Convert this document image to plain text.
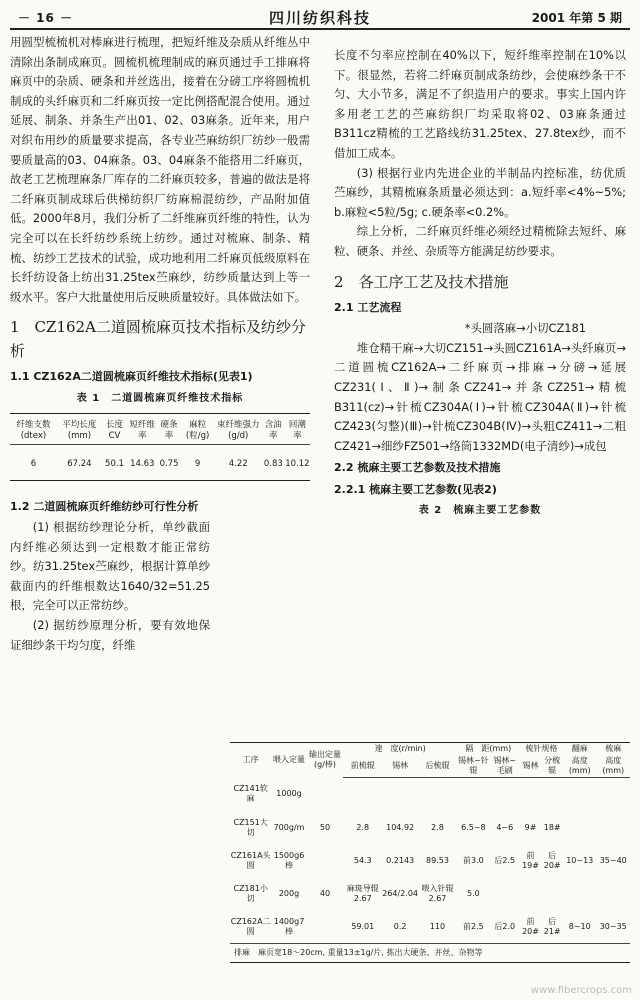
－ 16 －	四川纺织科技	2001 年第 5 期

用圆型梳梳机对棒麻进行梳理，把短纤维及杂质从纤维丛中清除出条制成麻页。圆梳机梳理制成的麻页通过手工排麻将麻页中的杂质、硬条和并丝选出，接着在分磅工序将圆梳机制成的头纤麻页和二纤麻页按一定比例搭配混合使用。通过延展、制条、并条生产出01、02、03麻条。近年来，用户对织布用纱的质量要求提高，各专业苎麻纺织厂纺纱一般需要质量高的03、04麻条。03、04麻条不能搭用二纤麻页，故老工艺梳理麻条厂库存的二纤麻页较多，普遍的做法是将二纤麻页制成球后供梯纺织厂纺麻棉混纺纱，产品附加值低。2000年8月，我们分析了二纤维麻页纤维的特性，认为完全可以在长纤纺纱系统上纺纱。通过对梳麻、制条、精梳、纺纱工艺技术的试验，成功地利用二纤麻页低级原料在长纤纺设备上纺出31.25tex苎麻纱，纺纱质量达到上等一级水平。客户大批量使用后反映质量较好。具体做法如下。

1　CZ162A二道圆梳麻页技术指标及纺纱分析
1.1 CZ162A二道圆梳麻页纤维技术指标(见表1)
表 1　二道圆梳麻页纤维技术指标
纤维支数(dtex)	平均长度(mm)	长度CV	短纤维率	硬条率	麻粒(粒/g)	束纤维强力(g/d)	含油率	回潮率
6	67.24	50.1	14.63	0.75	9	4.22	0.83	10.12
1.2 二道圆梳麻页纤维纺纱可行性分析

(1) 根据纺纱理论分析，单纱截面内纤维必须达到一定根数才能正常纺纱。纺31.25tex苎麻纱，根据计算单纱截面内的纤维根数达1640/32=51.25根，完全可以正常纺纱。

(2) 据纺纱原理分析，要有效地保证细纱条干均匀度，纤维

长度不匀率应控制在40%以下，短纤维率控制在10%以下。很显然，若将二纤麻页制成条纺纱，会使麻纱条干不匀、大小节多，满足不了织造用户的要求。事实上国内许多用老工艺的苎麻纺织厂均采取将02、03麻条通过B311cz精梳的工艺路线纺31.25tex、27.8tex纱，而不借加工成本。

(3) 根据行业内先进企业的半制品内控标准，纺优质苎麻纱，其精梳麻条质量必须达到：a.短纤率<4%~5%; b.麻粒<5粒/5g; c.硬条率<0.2%。

综上分析，二纤麻页纤维必须经过精梳除去短纤、麻粒、硬条、并丝、杂质等方能满足纺纱要求。

2　各工序工艺及技术措施
2.1 工艺流程
*头圆落麻→小切CZ181

堆仓精干麻→大切CZ151→头圆CZ161A→头纤麻页→二道圆梳CZ162A→二纤麻页→排麻→分磅→延展CZ231(Ⅰ、Ⅱ)→制条CZ241→并条CZ251→精梳B311(cz)→针梳CZ304A(Ⅰ)→针梳CZ304A(Ⅱ)→针梳CZ423(匀整)(Ⅲ)→针梳CZ304B(Ⅳ)→头粗CZ411→二粗CZ421→细纱FZ501→络筒1332MD(电子清纱)→成包

2.2 梳麻主要工艺参数及技术措施
2.2.1 梳麻主要工艺参数(见表2)
表 2　梳麻主要工艺参数
工序	喂入定量	输出定量(g/棒)	速　度(r/min)			隔　距(mm)		梳针规格		翻麻	梳麻
			前梳辊	锡林	后梳辊	锡林~针辊	锡林~毛刷	锡林	分梳辊	高度(mm)	高度(mm)
CZ141软麻	1000g										
CZ151大切	700g/m	50	2.8	104.92	2.8	6.5~8	4~6	9#	18#		
CZ161A头圆	1500g6棒		54.3	0.2143	89.53	前3.0	后2.5	前19#	后20#	10~13	35~40
CZ181小切	200g	40	麻斑导辊2.67	264/2.04	喂入针辊2.67	5.0					
CZ162A二圆	1400g7棒		59.01	0.2	110	前2.5	后2.0	前20#	后21#	8~10	30~35
排麻　麻页宽18～20cm, 重量13±1g/片, 拣出大硬条、并丝、杂物等											
www.fibercrops.com
